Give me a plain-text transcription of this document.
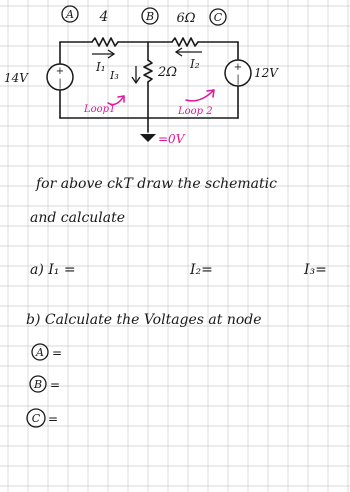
A	B	C
4	6Ω
2Ω
I₁	I₂
I₃
+
|
14V
+
| 12V
Loop1	Loop 2
=0V
A
B
C
for above ckT draw the schematic
and calculate
a) I₁ =	I₂=	I₃=
b) Calculate the Voltages at node
=
=
=
